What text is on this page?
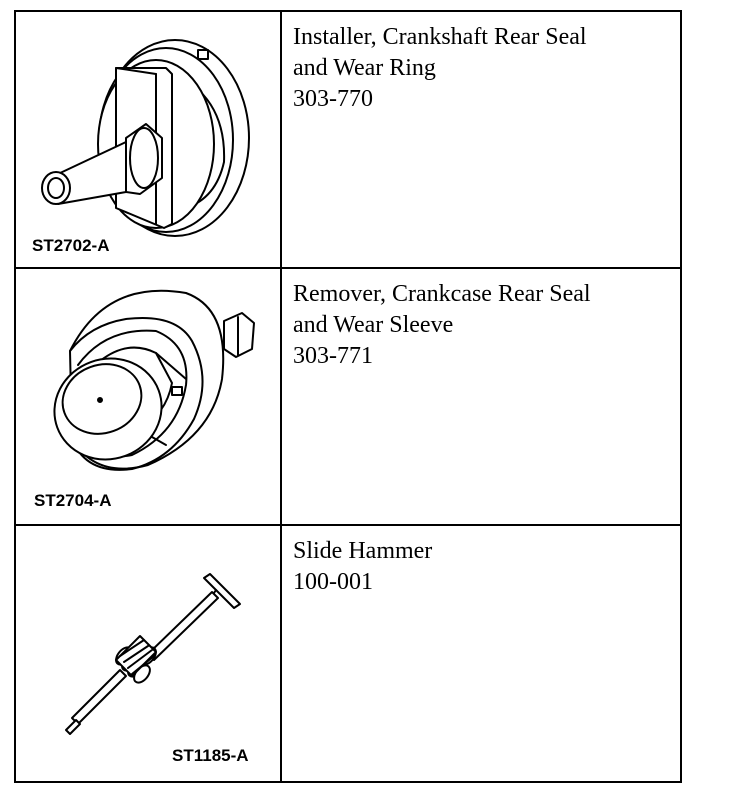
ST2702-A	Installer, Crankshaft Rear Seal
and Wear Ring
303-770

ST2704-A	Remover, Crankcase Rear Seal
and Wear Sleeve
303-771

ST1185-A	Slide Hammer
100-001
